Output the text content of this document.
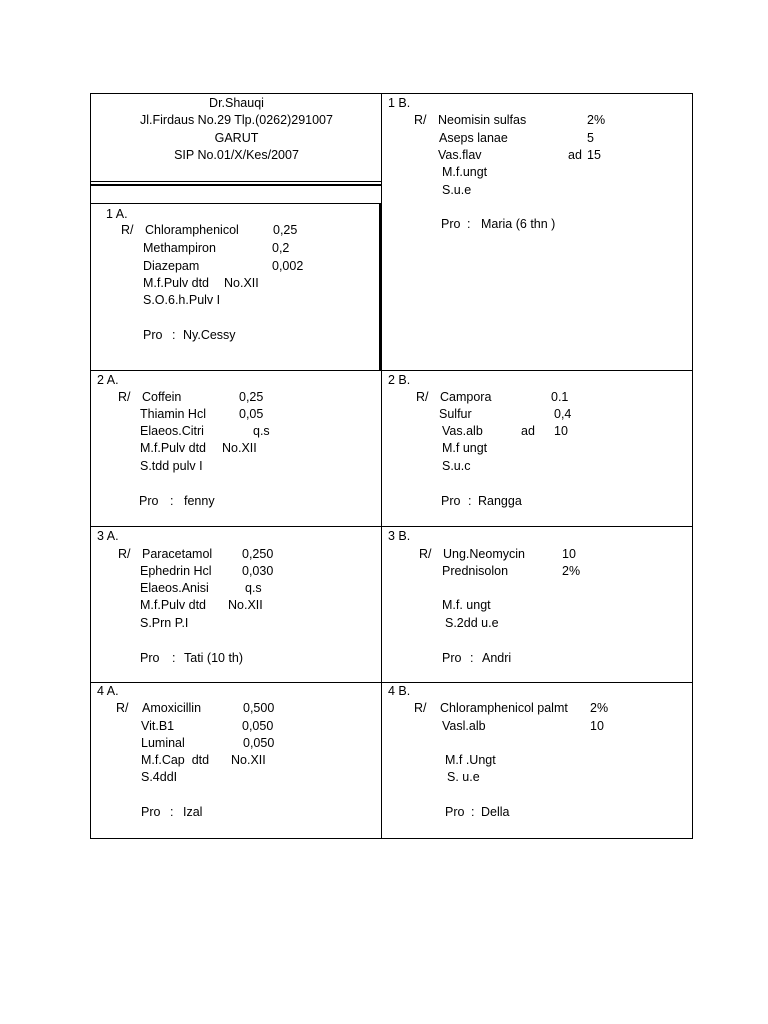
Dr.Shauqi
Jl.Firdaus No.29 Tlp.(0262)291007
GARUT
SIP No.01/X/Kes/2007
1 A.
R/ Chloramphenicol	0,25
Methampiron	0,2
Diazepam	0,002
M.f.Pulv dtd No.XII
S.O.6.h.Pulv I
Pro : Ny.Cessy
1 B.
R/ Neomisin sulfas	2%
Aseps lanae	5
Vas.flav	ad 15
M.f.ungt
S.u.e
Pro : Maria (6 thn )
2 A.
R/ Coffein	0,25
Thiamin Hcl	0,05
Elaeos.Citri	q.s
M.f.Pulv dtd No.XII
S.tdd pulv I
Pro : fenny
2 B.
R/ Campora	0.1
Sulfur	0,4
Vas.alb	ad 10
M.f ungt
S.u.c
Pro : Rangga
3 A.
R/ Paracetamol 0,250
Ephedrin Hcl 0,030
Elaeos.Anisi	q.s
M.f.Pulv dtd No.XII
S.Prn P.I
Pro : Tati (10 th)
3 B.
R/ Ung.Neomycin	10
Prednisolon	2%
M.f. ungt
S.2dd u.e
Pro : Andri
4 A.
R/ Amoxicillin	0,500
Vit.B1	0,050
Luminal	0,050
M.f.Cap  dtd No.XII
S.4ddI
Pro : Izal
4 B.
R/ Chloramphenicol palmt 2%
Vasl.alb	10
M.f .Ungt
S. u.e
Pro : Della
